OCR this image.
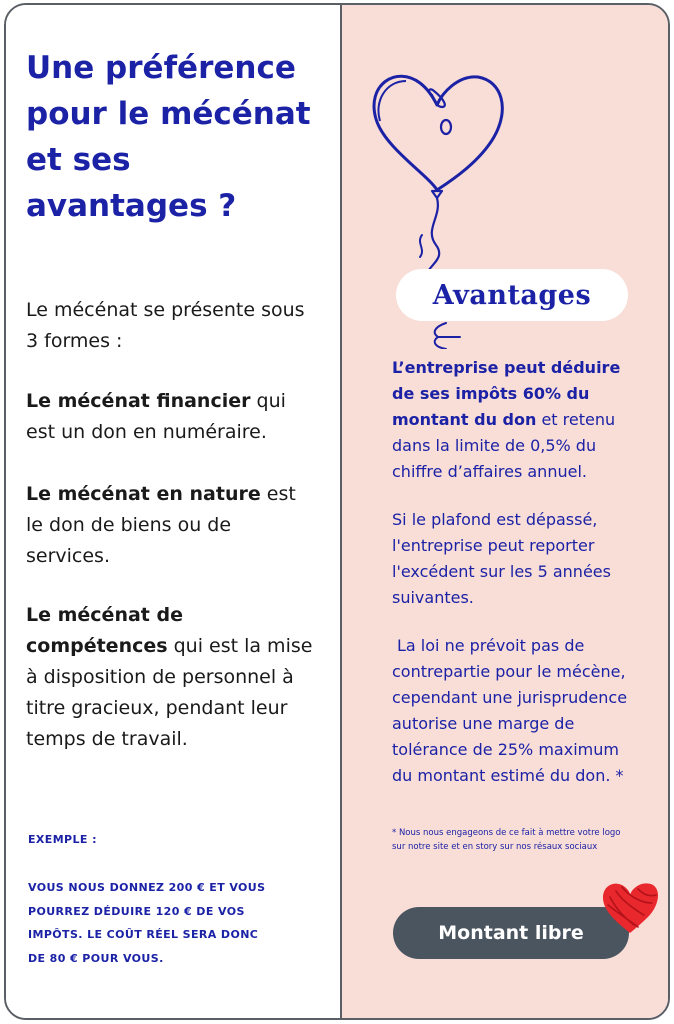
Une préférence pour le mécénat et ses avantages ?

Le mécénat se présente sous 3 formes :

Le mécénat financier qui est un don en numéraire.

Le mécénat en nature est le don de biens ou de services.

Le mécénat de compétences qui est la mise à disposition de personnel à titre gracieux, pendant leur temps de travail.

EXEMPLE :

VOUS NOUS DONNEZ 200 € ET VOUS POURREZ DÉDUIRE 120 € DE VOS IMPÔTS. LE COÛT RÉEL SERA DONC DE 80 € POUR VOUS.

Avantages

L’entreprise peut déduire de ses impôts 60% du montant du don et retenu dans la limite de 0,5% du chiffre d’affaires annuel.

Si le plafond est dépassé, l'entreprise peut reporter l'excédent sur les 5 années suivantes.

La loi ne prévoit pas de contrepartie pour le mécène, cependant une jurisprudence autorise une marge de tolérance de 25% maximum du montant estimé du don. *

* Nous nous engageons de ce fait à mettre votre logo sur notre site et en story sur nos résaux sociaux

Montant libre
